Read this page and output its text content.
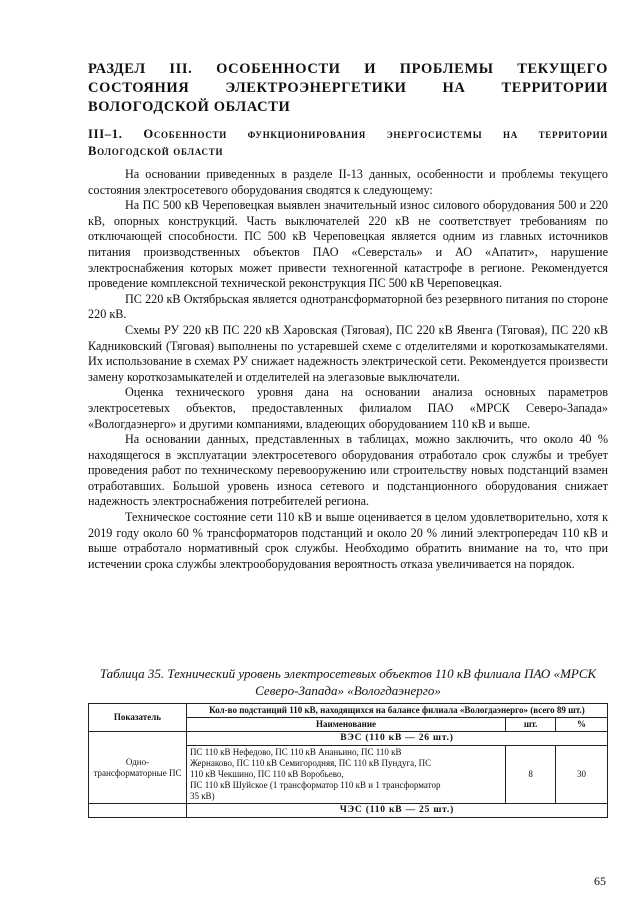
РАЗДЕЛ III. ОСОБЕННОСТИ И ПРОБЛЕМЫ ТЕКУЩЕГО СОСТОЯНИЯ ЭЛЕКТРОЭНЕРГЕТИКИ НА ТЕРРИТОРИИ ВОЛОГОДСКОЙ ОБЛАСТИ
III–1. Особенности функционирования энергосистемы на территории Вологодской области

На основании приведенных в разделе II-13 данных, особенности и проблемы текущего состояния электросетевого оборудования сводятся к следующему:

На ПС 500 кВ Череповецкая выявлен значительный износ силового оборудования 500 и 220 кВ, опорных конструкций. Часть выключателей 220 кВ не соответствует требованиям по отключающей способности. ПС 500 кВ Череповецкая является одним из главных источников питания производственных объектов ПАО «Северсталь» и АО «Апатит», нарушение электроснабжения которых может привести техногенной катастрофе в регионе. Рекомендуется проведение комплексной технической реконструкция ПС 500 кВ Череповецкая.

ПС 220 кВ Октябрьская является однотрансформаторной без резервного питания по стороне 220 кВ.

Схемы РУ 220 кВ ПС 220 кВ Харовская (Тяговая), ПС 220 кВ Явенга (Тяговая), ПС 220 кВ Кадниковский (Тяговая) выполнены по устаревшей схеме с отделителями и короткозамыкателями. Их использование в схемах РУ снижает надежность электрической сети. Рекомендуется произвести замену короткозамыкателей и отделителей на элегазовые выключатели.

Оценка технического уровня дана на основании анализа основных параметров электросетевых объектов, предоставленных филиалом ПАО «МРСК Северо-Запада» «Вологдаэнерго» и другими компаниями, владеющих оборудованием 110 кВ и выше.

На основании данных, представленных в таблицах, можно заключить, что около 40 % находящегося в эксплуатации электросетевого оборудования отработало срок службы и требует проведения работ по техническому перевооружению или строительству новых подстанций взамен отработавших. Большой уровень износа сетевого и подстанционного оборудования снижает надежность электроснабжения потребителей региона.

Техническое состояние сети 110 кВ и выше оценивается в целом удовлетворительно, хотя к 2019 году около 60 % трансформаторов подстанций и около 20 % линий электропередач 110 кВ и выше отработало нормативный срок службы. Необходимо обратить внимание на то, что при истечении срока службы электрооборудования вероятность отказа увеличивается на порядок.

Таблица 35. Технический уровень электросетевых объектов 110 кВ филиала ПАО «МРСК Северо-Запада» «Вологдаэнерго»
Показатель	Кол-во подстанций 110 кВ, находящихся на балансе филиала «Вологдаэнерго» (всего 89 шт.)		
	Наименование	шт.	%
Одно-трансформаторные ПС	ВЭС (110 кВ — 26 шт.)		

	ПС 110 кВ Нефедово, ПС 110 кВ Ананьино, ПС 110 кВ
Жернаково, ПС 110 кВ Семигородняя, ПС 110 кВ Пундуга, ПС
110 кВ Чекшино, ПС 110 кВ Воробьево,
ПС 110 кВ Шуйское (1 трансформатор 110 кВ и 1 трансформатор
35 кВ)	8	30
	ЧЭС (110 кВ — 25 шт.)		
65
